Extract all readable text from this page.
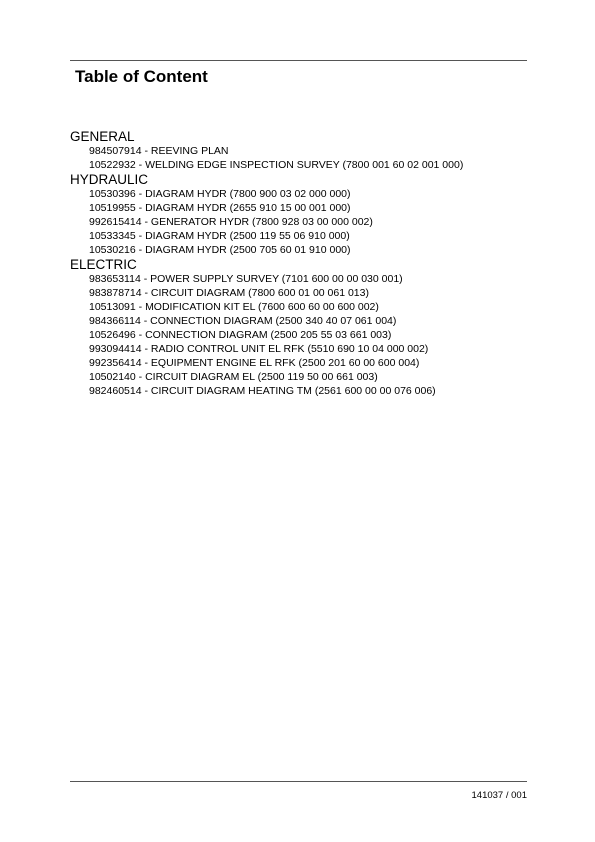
Table of Content
GENERAL
984507914 - REEVING PLAN
10522932 - WELDING EDGE INSPECTION SURVEY (7800 001 60 02 001 000)
HYDRAULIC
10530396 - DIAGRAM HYDR (7800 900 03 02 000 000)
10519955 - DIAGRAM HYDR (2655 910 15 00 001 000)
992615414 - GENERATOR HYDR (7800 928 03 00 000 002)
10533345 - DIAGRAM HYDR (2500 119 55 06 910 000)
10530216 - DIAGRAM HYDR (2500 705 60 01 910 000)
ELECTRIC
983653114 - POWER SUPPLY SURVEY (7101 600 00 00 030 001)
983878714 - CIRCUIT DIAGRAM (7800 600 01 00 061 013)
10513091 - MODIFICATION KIT EL (7600 600 60 00 600 002)
984366114 - CONNECTION DIAGRAM (2500 340 40 07 061 004)
10526496 - CONNECTION DIAGRAM (2500 205 55 03 661 003)
993094414 - RADIO CONTROL UNIT EL RFK (5510 690 10 04 000 002)
992356414 - EQUIPMENT ENGINE EL RFK (2500 201 60 00 600 004)
10502140 - CIRCUIT DIAGRAM EL (2500 119 50 00 661 003)
982460514 - CIRCUIT DIAGRAM HEATING TM (2561 600 00 00 076 006)
141037 / 001
